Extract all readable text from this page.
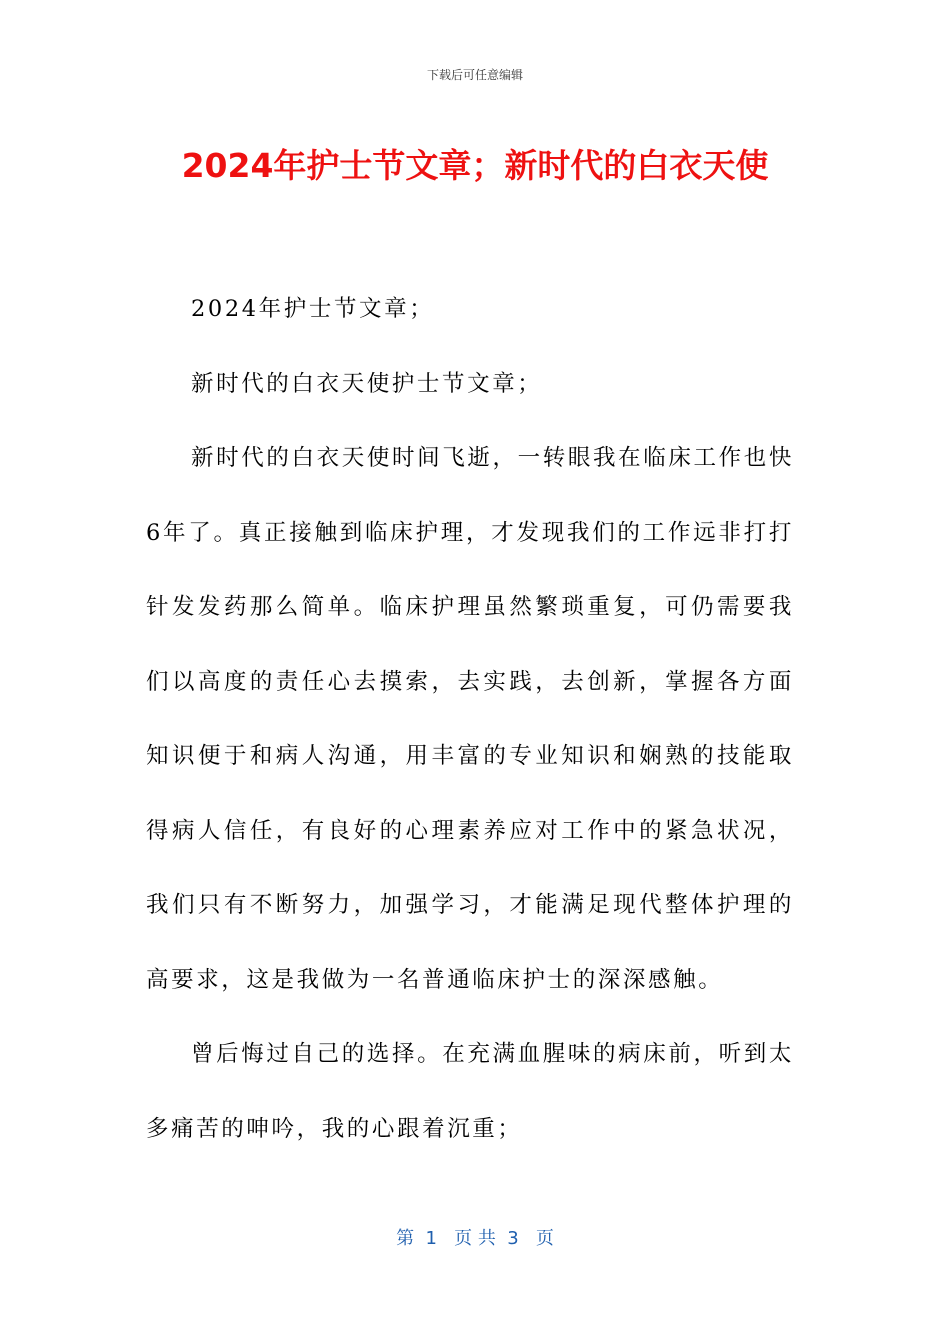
下载后可任意编辑
2024年护士节文章；新时代的白衣天使

2024年护士节文章；

新时代的白衣天使护士节文章；

新时代的白衣天使时间飞逝，一转眼我在临床工作也快6年了。真正接触到临床护理，才发现我们的工作远非打打针发发药那么简单。临床护理虽然繁琐重复，可仍需要我们以高度的责任心去摸索，去实践，去创新，掌握各方面知识便于和病人沟通，用丰富的专业知识和娴熟的技能取得病人信任，有良好的心理素养应对工作中的紧急状况，我们只有不断努力，加强学习，才能满足现代整体护理的高要求，这是我做为一名普通临床护士的深深感触。

曾后悔过自己的选择。在充满血腥味的病床前，听到太多痛苦的呻吟，我的心跟着沉重；

第  1   页 共  3   页
